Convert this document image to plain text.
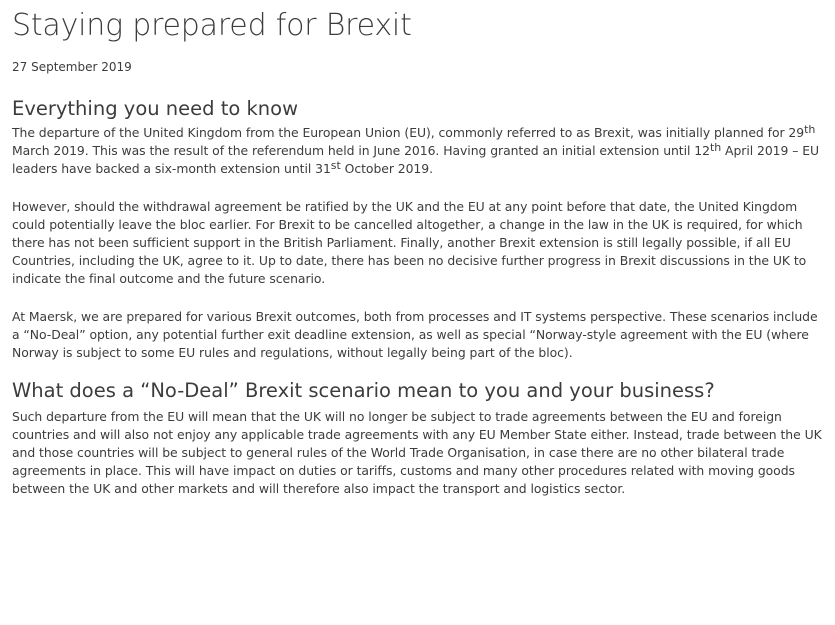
Staying prepared for Brexit
27 September 2019
Everything you need to know

The departure of the United Kingdom from the European Union (EU), commonly referred to as Brexit, was initially planned for 29th March 2019. This was the result of the referendum held in June 2016. Having granted an initial extension until 12th April 2019 – EU leaders have backed a six-month extension until 31st October 2019.

However, should the withdrawal agreement be ratified by the UK and the EU at any point before that date, the United Kingdom could potentially leave the bloc earlier. For Brexit to be cancelled altogether, a change in the law in the UK is required, for which there has not been sufficient support in the British Parliament. Finally, another Brexit extension is still legally possible, if all EU Countries, including the UK, agree to it. Up to date, there has been no decisive further progress in Brexit discussions in the UK to indicate the final outcome and the future scenario.

At Maersk, we are prepared for various Brexit outcomes, both from processes and IT systems perspective. These scenarios include a “No-Deal” option, any potential further exit deadline extension, as well as special “Norway-style agreement with the EU (where Norway is subject to some EU rules and regulations, without legally being part of the bloc).

What does a “No-Deal” Brexit scenario mean to you and your business?

Such departure from the EU will mean that the UK will no longer be subject to trade agreements between the EU and foreign countries and will also not enjoy any applicable trade agreements with any EU Member State either. Instead, trade between the UK and those countries will be subject to general rules of the World Trade Organisation, in case there are no other bilateral trade agreements in place. This will have impact on duties or tariffs, customs and many other procedures related with moving goods between the UK and other markets and will therefore also impact the transport and logistics sector.
